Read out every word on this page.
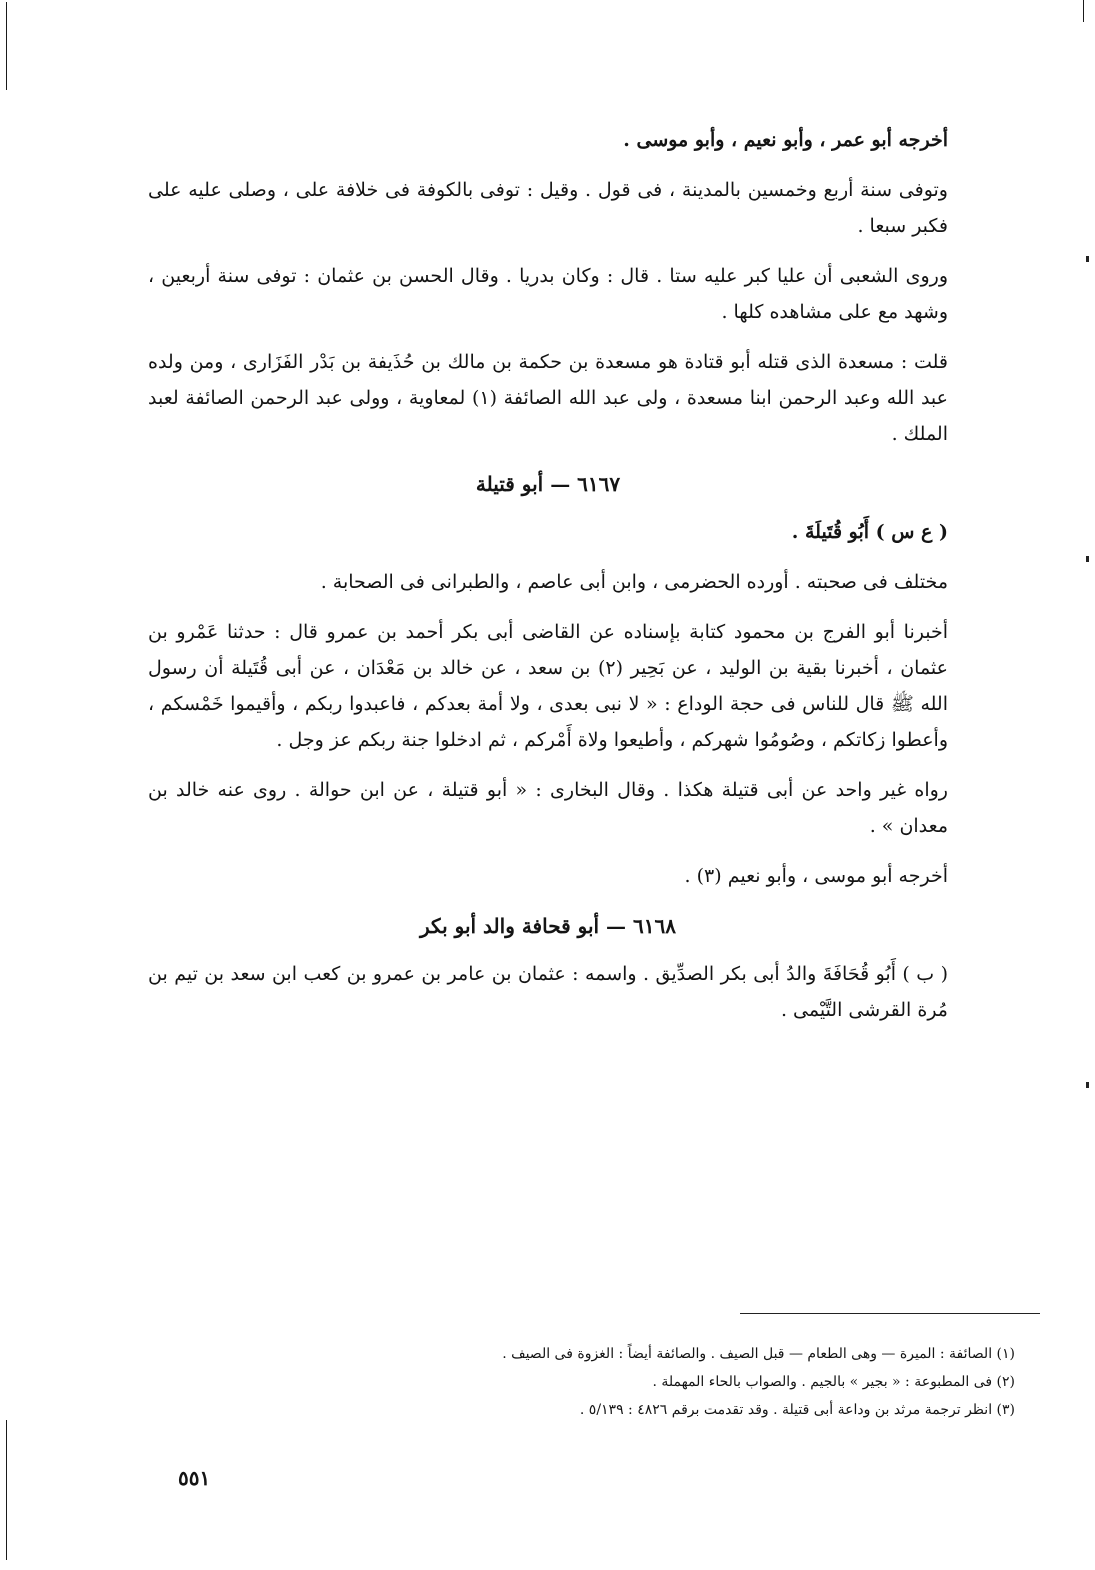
أخرجه أبو عمر ، وأبو نعيم ، وأبو موسى .

وتوفى سنة أربع وخمسين بالمدينة ، فى قول . وقيل : توفى بالكوفة فى خلافة على ، وصلى عليه على فكبر سبعا .

وروى الشعبى أن عليا كبر عليه ستا . قال : وكان بدريا . وقال الحسن بن عثمان : توفى سنة أربعين ، وشهد مع على مشاهده كلها .

قلت : مسعدة الذى قتله أبو قتادة هو مسعدة بن حكمة بن مالك بن حُذَيفة بن بَدْر الفَزَارى ، ومن ولده عبد الله وعبد الرحمن ابنا مسعدة ، ولى عبد الله الصائفة (١) لمعاوية ، وولى عبد الرحمن الصائفة لعبد الملك .

٦١٦٧ — أبو قتيلة

( ع س ) أَبُو قُتَيلَةَ .

مختلف فى صحبته . أورده الحضرمى ، وابن أبى عاصم ، والطبرانى فى الصحابة .

أخبرنا أبو الفرج بن محمود كتابة بإسناده عن القاضى أبى بكر أحمد بن عمرو قال : حدثنا عَمْرو بن عثمان ، أخبرنا بقية بن الوليد ، عن بَحِير (٢) بن سعد ، عن خالد بن مَعْدَان ، عن أبى قُتَيلة أن رسول الله ﷺ قال للناس فى حجة الوداع : « لا نبى بعدى ، ولا أمة بعدكم ، فاعبدوا ربكم ، وأقيموا خَمْسكم ، وأعطوا زكاتكم ، وصُومُوا شهركم ، وأطيعوا ولاة أَمْركم ، ثم ادخلوا جنة ربكم عز وجل .

رواه غير واحد عن أبى قتيلة هكذا . وقال البخارى : « أبو قتيلة ، عن ابن حوالة . روى عنه خالد بن معدان » .

أخرجه أبو موسى ، وأبو نعيم (٣) .

٦١٦٨ — أبو قحافة والد أبو بكر

( ب ) أَبُو قُحَافَةَ والدُ أبى بكر الصدِّيق . واسمه : عثمان بن عامر بن عمرو بن كعب ابن سعد بن تيم بن مُرة القرشى التَّيْمى .

(١) الصائفة : الميرة — وهى الطعام — قبل الصيف . والصائفة أيضاً : الغزوة فى الصيف .
(٢) فى المطبوعة : « بجير » بالجيم . والصواب بالحاء المهملة .
(٣) انظر ترجمة مرثد بن وداعة أبى قتيلة . وقد تقدمت برقم ٤٨٢٦ : ٥/١٣٩ .
٥٥١
